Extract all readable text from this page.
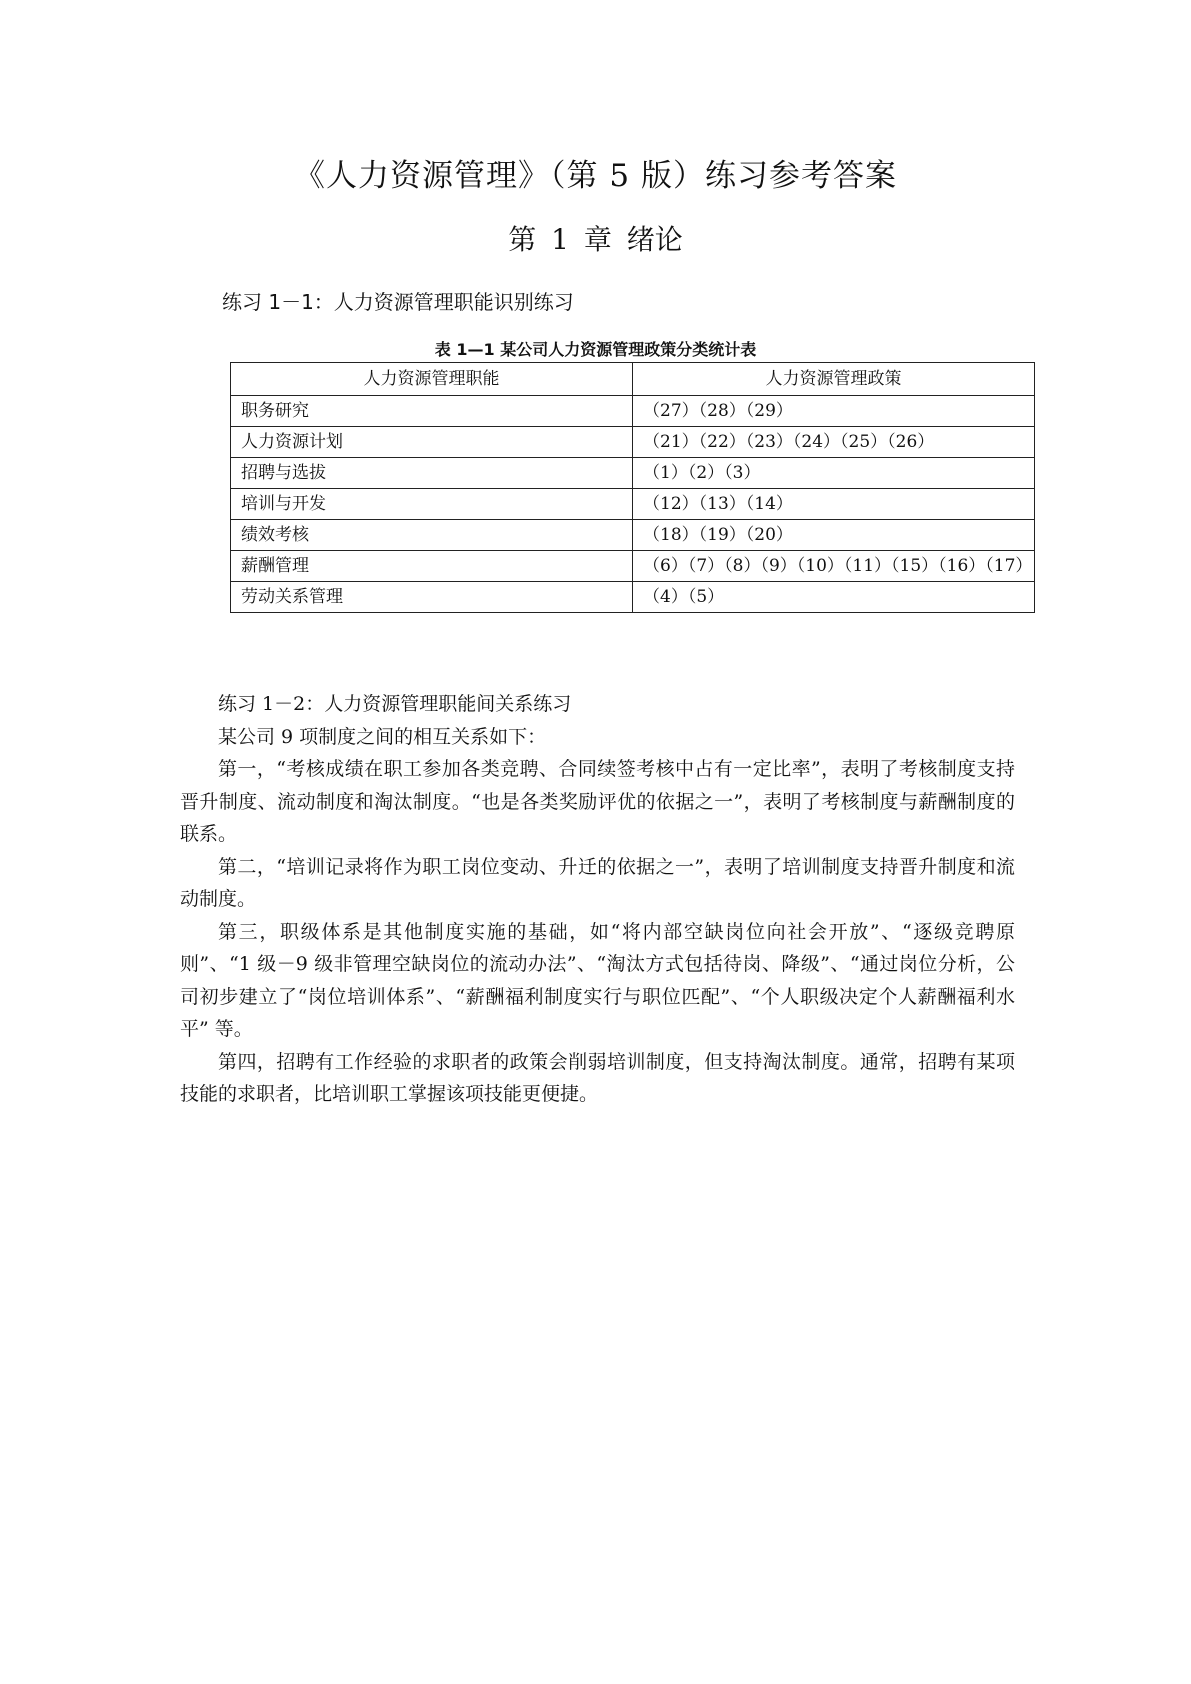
《人力资源管理》（第 5 版）练习参考答案
第 1 章 绪论
练习 1－1：人力资源管理职能识别练习
表 1—1 某公司人力资源管理政策分类统计表
人力资源管理职能	人力资源管理政策
职务研究	（27）（28）（29）
人力资源计划	（21）（22）（23）（24）（25）（26）
招聘与选拔	（1）（2）（3）
培训与开发	（12）（13）（14）
绩效考核	（18）（19）（20）
薪酬管理	（6）（7）（8）（9）（10）（11）（15）（16）（17）
劳动关系管理	（4）（5）

练习 1－2：人力资源管理职能间关系练习

某公司 9 项制度之间的相互关系如下：

第一，“考核成绩在职工参加各类竞聘、合同续签考核中占有一定比率”，表明了考核制度支持晋升制度、流动制度和淘汰制度。“也是各类奖励评优的依据之一”，表明了考核制度与薪酬制度的联系。

第二，“培训记录将作为职工岗位变动、升迁的依据之一”，表明了培训制度支持晋升制度和流动制度。

第三，职级体系是其他制度实施的基础，如“将内部空缺岗位向社会开放”、“逐级竞聘原则”、“1 级－9 级非管理空缺岗位的流动办法”、“淘汰方式包括待岗、降级”、“通过岗位分析，公司初步建立了“岗位培训体系”、“薪酬福利制度实行与职位匹配”、“个人职级决定个人薪酬福利水平” 等。

第四，招聘有工作经验的求职者的政策会削弱培训制度，但支持淘汰制度。通常，招聘有某项技能的求职者，比培训职工掌握该项技能更便捷。
